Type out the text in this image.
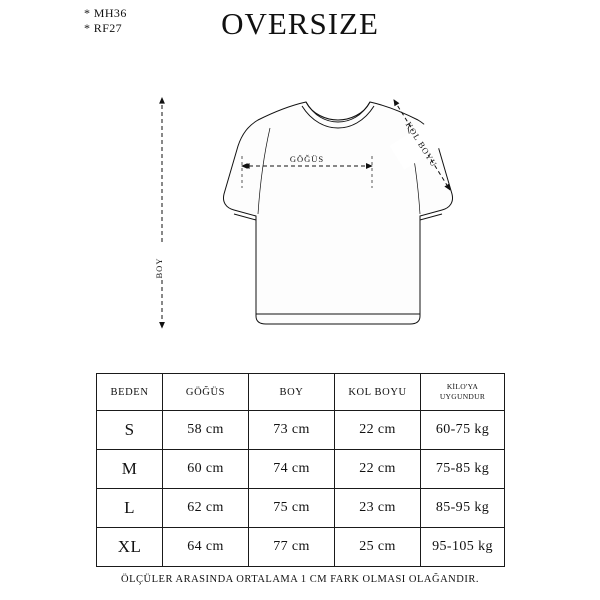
* MH36
* RF27	OVERSIZE
GÖĞÜS
BOY
KOL BOYU
BEDEN	GÖĞÜS	BOY	KOL BOYU	KİLO'YA
UYGUNDUR

S	58 cm	73 cm	22 cm	60-75 kg
M	60 cm	74 cm	22 cm	75-85 kg
L	62 cm	75 cm	23 cm	85-95 kg
XL	64 cm	77 cm	25 cm	95-105 kg
ÖLÇÜLER ARASINDA ORTALAMA 1 CM FARK OLMASI OLAĞANDIR.
